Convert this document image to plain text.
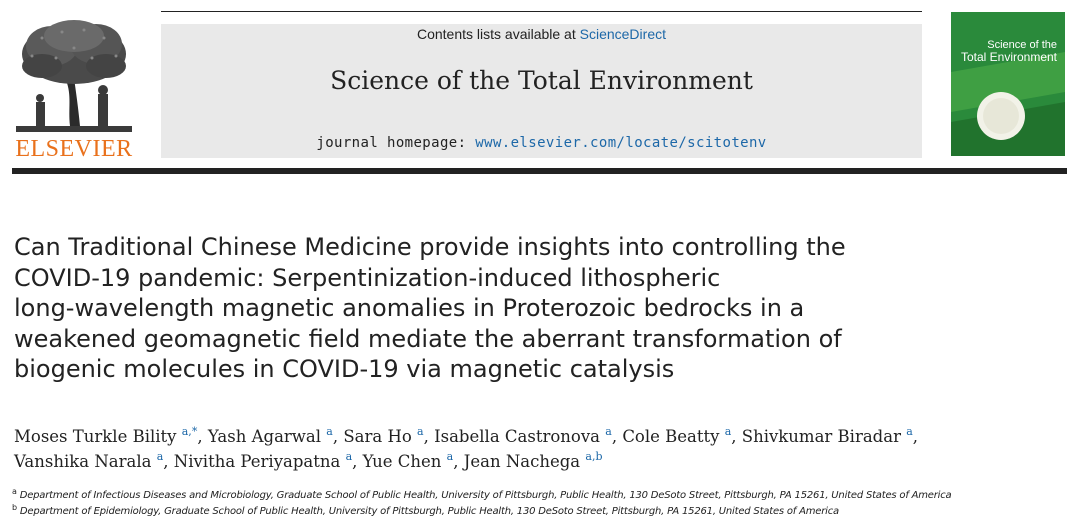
ELSEVIER
Contents lists available at ScienceDirect
Science of the Total Environment
journal homepage: www.elsevier.com/locate/scitotenv
Science of the
Total Environment
Can Traditional Chinese Medicine provide insights into controlling the
COVID-19 pandemic: Serpentinization-induced lithospheric
long-wavelength magnetic anomalies in Proterozoic bedrocks in a
weakened geomagnetic field mediate the aberrant transformation of
biogenic molecules in COVID-19 via magnetic catalysis
Moses Turkle Bility $^{a,*}$, Yash Agarwal $^a$, Sara Ho $^a$, Isabella Castronova $^a$, Cole Beatty $^a$, Shivkumar Biradar $^a$,
Vanshika Narala $^a$, Nivitha Periyapatna $^a$, Yue Chen $^a$, Jean Nachega $^{a,b}$
$^a$ Department of Infectious Diseases and Microbiology, Graduate School of Public Health, University of Pittsburgh, Public Health, 130 DeSoto Street, Pittsburgh, PA 15261, United States of America
$^b$ Department of Epidemiology, Graduate School of Public Health, University of Pittsburgh, Public Health, 130 DeSoto Street, Pittsburgh, PA 15261, United States of America
